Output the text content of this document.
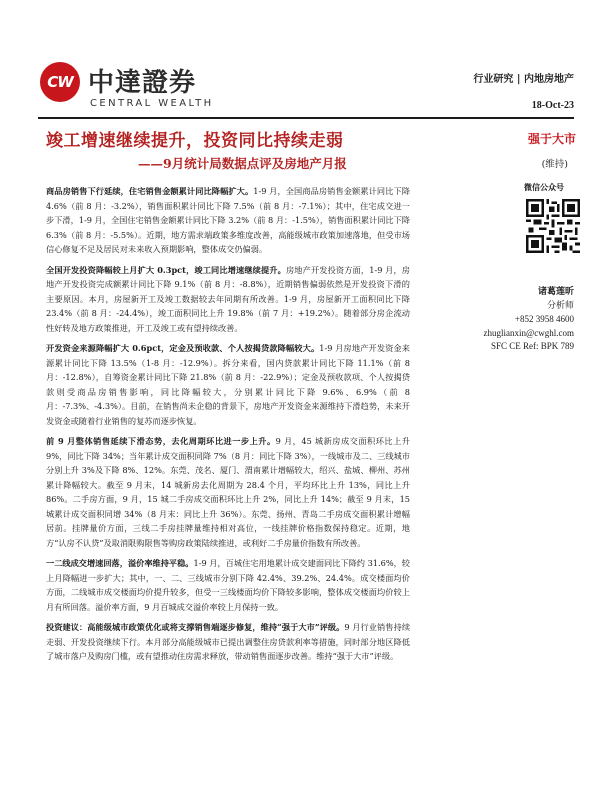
CW 中達證券
CENTRAL WEALTH
行业研究 | 内地房地产
18-Oct-23
竣工增速继续提升，投资同比持续走弱
——9月统计局数据点评及房地产月报
强于大市
(维持)

商品房销售下行延续，住宅销售金额累计同比降幅扩大。1-9 月，全国商品房销售金额累计同比下降 4.6%（前 8 月：-3.2%），销售面积累计同比下降 7.5%（前 8 月：-7.1%）；其中，住宅成交进一步下滑，1-9 月，全国住宅销售金额累计同比下降 3.2%（前 8 月：-1.5%），销售面积累计同比下降 6.3%（前 8 月：-5.5%）。近期，地方需求端政策多维度改善，高能级城市政策加速落地，但受市场信心修复不足及居民对未来收入预期影响，整体成交仍偏弱。

全国开发投资降幅较上月扩大 0.3pct，竣工同比增速继续提升。房地产开发投资方面，1-9 月，房地产开发投资完成额累计同比下降 9.1%（前 8 月：-8.8%），近期销售偏弱依然是开发投资下滑的主要原因。本月，房屋新开工及竣工数据较去年同期有所改善。1-9 月，房屋新开工面积同比下降 23.4%（前 8 月：-24.4%），竣工面积同比上升 19.8%（前 7 月：+19.2%）。随着部分房企流动性好转及地方政策推进，开工及竣工或有望持续改善。

开发资金来源降幅扩大 0.6pct，定金及预收款、个人按揭贷款降幅较大。1-9 月房地产开发资金来源累计同比下降 13.5%（1-8 月：-12.9%）。拆分来看，国内贷款累计同比下降 11.1%（前 8 月：-12.8%），自筹资金累计同比下降 21.8%（前 8 月：-22.9%）；定金及预收款项、个人按揭贷款则受商品房销售影响，同比降幅较大，分别累计同比下降 9.6%、6.9%（前 8 月：-7.3%、-4.3%）。目前，在销售尚未企稳的背景下，房地产开发资金来源维持下滑趋势，未来开发资金或随着行业销售的复苏而逐步恢复。

前 9 月整体销售延续下滑态势，去化周期环比进一步上升。9 月，45 城新房成交面积环比上升 9%，同比下降 34%；当年累计成交面积同降 7%（8 月：同比下降 3%），一线城市及二、三线城市分别上升 3%及下降 8%、12%。东莞、茂名、厦门、渭南累计增幅较大，绍兴、盐城、柳州、苏州累计降幅较大。截至 9 月末，14 城新房去化周期为 28.4 个月，平均环比上升 13%，同比上升 86%。二手房方面，9 月，15 城二手房成交面积环比上升 2%，同比上升 14%；截至 9 月末，15 城累计成交面积同增 34%（8 月末：同比上升 36%）。东莞、扬州、青岛二手房成交面积累计增幅居前。挂牌量价方面，三线二手房挂牌量维持相对高位，一线挂牌价格指数保持稳定。近期，地方“认房不认贷”及取消限购限售等购房政策陆续推进，或利好二手房量价指数有所改善。

一二线成交增速回落，溢价率维持平稳。1-9 月，百城住宅用地累计成交建面同比下降约 31.6%，较上月降幅进一步扩大；其中，一、二、三线城市分别下降 42.4%、39.2%、24.4%。成交楼面均价方面，二线城市成交楼面均价提升较多，但受一三线楼面均价下降较多影响，整体成交楼面均价较上月有所回落。溢价率方面，9 月百城成交溢价率较上月保持一致。

投资建议：高能级城市政策优化或将支撑销售端逐步修复，维持“强于大市”评级。9 月行业销售持续走弱、开发投资继续下行。本月部分高能级城市已提出调整住房贷款利率等措施，同时部分地区降低了城市落户及购房门槛，或有望推动住房需求释放，带动销售面逐步改善。维持“强于大市”评级。

微信公众号
诸葛莲昕
分析师
+852 3958 4600
zhuglianxin@cwghl.com
SFC CE Ref: BPK 789
